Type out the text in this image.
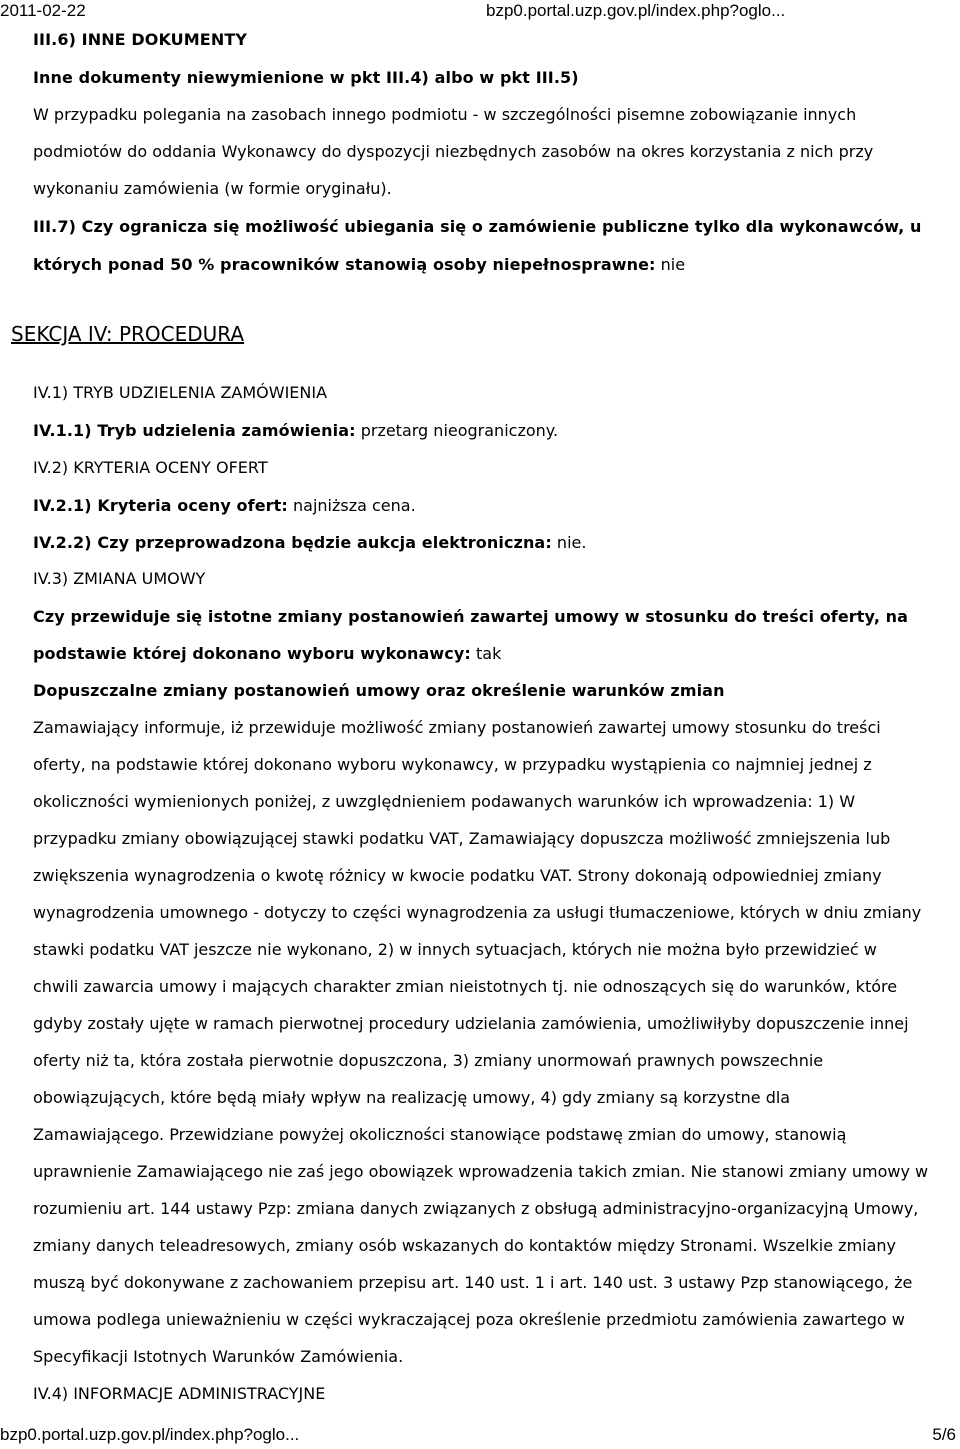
2011-02-22	bzp0.portal.uzp.gov.pl/index.php?oglo...
III.6) INNE DOKUMENTY
Inne dokumenty niewymienione w pkt III.4) albo w pkt III.5)
W przypadku polegania na zasobach innego podmiotu - w szczególności pisemne zobowiązanie innych
podmiotów do oddania Wykonawcy do dyspozycji niezbędnych zasobów na okres korzystania z nich przy
wykonaniu zamówienia (w formie oryginału).
III.7) Czy ogranicza się możliwość ubiegania się o zamówienie publiczne tylko dla wykonawców, u
których ponad 50 % pracowników stanowią osoby niepełnosprawne: nie
SEKCJA IV: PROCEDURA
IV.1) TRYB UDZIELENIA ZAMÓWIENIA
IV.1.1) Tryb udzielenia zamówienia: przetarg nieograniczony.
IV.2) KRYTERIA OCENY OFERT
IV.2.1) Kryteria oceny ofert: najniższa cena.
IV.2.2) Czy przeprowadzona będzie aukcja elektroniczna: nie.
IV.3) ZMIANA UMOWY
Czy przewiduje się istotne zmiany postanowień zawartej umowy w stosunku do treści oferty, na
podstawie której dokonano wyboru wykonawcy: tak
Dopuszczalne zmiany postanowień umowy oraz określenie warunków zmian
Zamawiający informuje, iż przewiduje możliwość zmiany postanowień zawartej umowy stosunku do treści
oferty, na podstawie której dokonano wyboru wykonawcy, w przypadku wystąpienia co najmniej jednej z
okoliczności wymienionych poniżej, z uwzględnieniem podawanych warunków ich wprowadzenia: 1) W
przypadku zmiany obowiązującej stawki podatku VAT, Zamawiający dopuszcza możliwość zmniejszenia lub
zwiększenia wynagrodzenia o kwotę różnicy w kwocie podatku VAT. Strony dokonają odpowiedniej zmiany
wynagrodzenia umownego - dotyczy to części wynagrodzenia za usługi tłumaczeniowe, których w dniu zmiany
stawki podatku VAT jeszcze nie wykonano, 2) w innych sytuacjach, których nie można było przewidzieć w
chwili zawarcia umowy i mających charakter zmian nieistotnych tj. nie odnoszących się do warunków, które
gdyby zostały ujęte w ramach pierwotnej procedury udzielania zamówienia, umożliwiłyby dopuszczenie innej
oferty niż ta, która została pierwotnie dopuszczona, 3) zmiany unormowań prawnych powszechnie
obowiązujących, które będą miały wpływ na realizację umowy, 4) gdy zmiany są korzystne dla
Zamawiającego. Przewidziane powyżej okoliczności stanowiące podstawę zmian do umowy, stanowią
uprawnienie Zamawiającego nie zaś jego obowiązek wprowadzenia takich zmian. Nie stanowi zmiany umowy w
rozumieniu art. 144 ustawy Pzp: zmiana danych związanych z obsługą administracyjno-organizacyjną Umowy,
zmiany danych teleadresowych, zmiany osób wskazanych do kontaktów między Stronami. Wszelkie zmiany
muszą być dokonywane z zachowaniem przepisu art. 140 ust. 1 i art. 140 ust. 3 ustawy Pzp stanowiącego, że
umowa podlega unieważnieniu w części wykraczającej poza określenie przedmiotu zamówienia zawartego w
Specyfikacji Istotnych Warunków Zamówienia.
IV.4) INFORMACJE ADMINISTRACYJNE
bzp0.portal.uzp.gov.pl/index.php?oglo...	5/6
